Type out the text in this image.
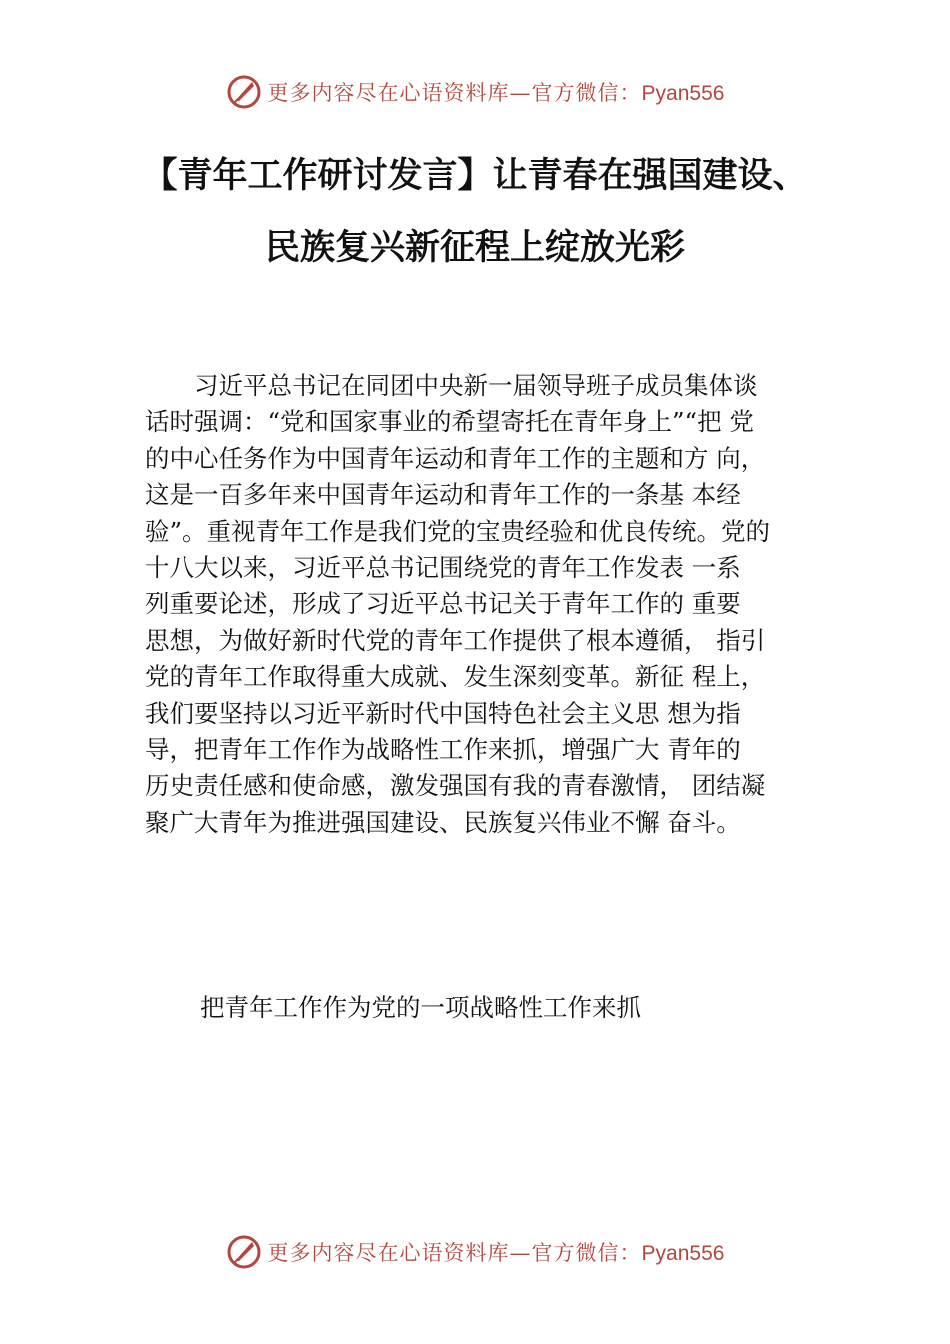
更多内容尽在心语资料库—官方微信：Pyan556
【青年工作研讨发言】让青春在强国建设、
民族复兴新征程上绽放光彩
　　习近平总书记在同团中央新一届领导班子成员集体谈
话时强调：“党和国家事业的希望寄托在青年身上”“把 党
的中心任务作为中国青年运动和青年工作的主题和方 向，
这是一百多年来中国青年运动和青年工作的一条基 本经
验”。重视青年工作是我们党的宝贵经验和优良传统。党的
十八大以来，习近平总书记围绕党的青年工作发表 一系
列重要论述，形成了习近平总书记关于青年工作的 重要
思想，为做好新时代党的青年工作提供了根本遵循， 指引
党的青年工作取得重大成就、发生深刻变革。新征 程上，
我们要坚持以习近平新时代中国特色社会主义思 想为指
导，把青年工作作为战略性工作来抓，增强广大 青年的
历史责任感和使命感，激发强国有我的青春激情， 团结凝
聚广大青年为推进强国建设、民族复兴伟业不懈 奋斗。
把青年工作作为党的一项战略性工作来抓
更多内容尽在心语资料库—官方微信：Pyan556
